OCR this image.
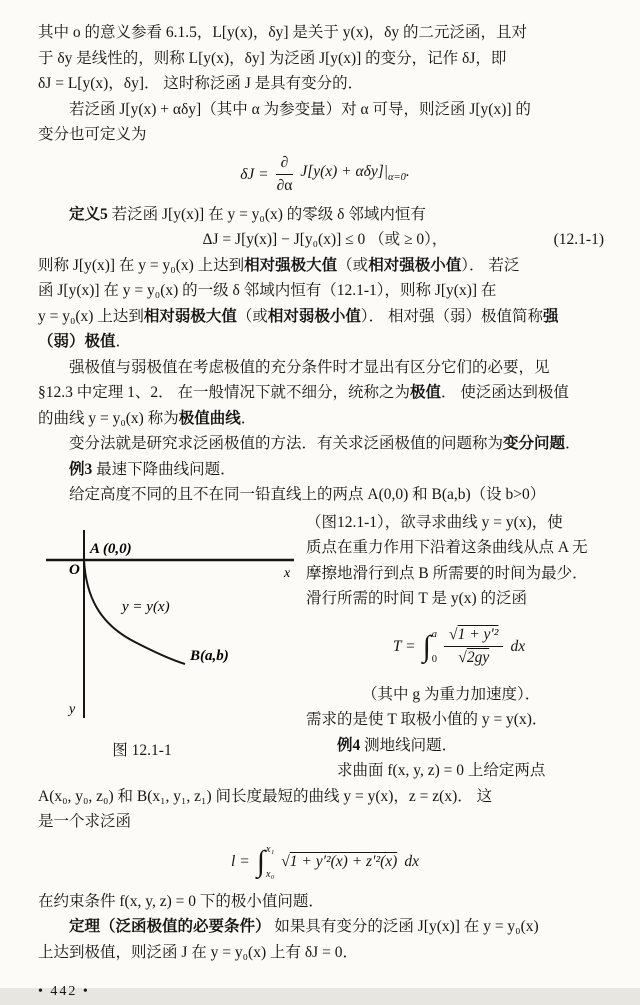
其中 o 的意义参看 6.1.5，L[y(x)，δy] 是关于 y(x)，δy 的二元泛函，且对
于 δy 是线性的，则称 L[y(x)，δy] 为泛函 J[y(x)] 的变分，记作 δJ，即
δJ = L[y(x)，δy]． 这时称泛函 J 是具有变分的．
若泛函 J[y(x) + αδy]（其中 α 为参变量）对 α 可导，则泛函 J[y(x)] 的
变分也可定义为
$\delta J = \frac{\partial}{\partial\alpha} J[y(x) + \alpha\delta y]|_{\alpha=0}$.
定义5 若泛函 J[y(x)] 在 y = y₀(x) 的零级 δ 邻域内恒有
ΔJ = J[y(x)] − J[y₀(x)] ≤ 0 （或 ≥ 0），	(12.1-1)
则称 J[y(x)] 在 y = y₀(x) 上达到相对强极大值（或相对强极小值）． 若泛
函 J[y(x)] 在 y = y₀(x) 的一级 δ 邻域内恒有（12.1-1），则称 J[y(x)] 在
y = y₀(x) 上达到相对弱极大值（或相对弱极小值）． 相对强（弱）极值简称强
（弱）极值．
强极值与弱极值在考虑极值的充分条件时才显出有区分它们的必要，见
§12.3 中定理 1、2． 在一般情况下就不细分，统称之为极值． 使泛函达到极值
的曲线 y = y₀(x) 称为极值曲线．
变分法就是研究求泛函极值的方法．有关求泛函极值的问题称为变分问题．
例3 最速下降曲线问题．
给定高度不同的且不在同一铅直线上的两点 A(0,0) 和 B(a,b)（设 b>0）
A (0,0)
O	x
y
y = y(x)
B(a,b)
图 12.1-1
（图12.1-1），欲寻求曲线 y = y(x)，使
质点在重力作用下沿着这条曲线从点 A 无
摩擦地滑行到点 B 所需要的时间为最少．
滑行所需的时间 T 是 y(x) 的泛函
T = ∫ a
$0 \frac{\text{√1 + y′²}}{√2gy}$ dx
（其中 g 为重力加速度）．
需求的是使 T 取极小值的 y = y(x)．
例4 测地线问题．
求曲面 f(x, y, z) = 0 上给定两点
A(x₀, y₀, z₀) 和 B(x₁, y₁, z₁) 间长度最短的曲线 y = y(x)，z = z(x)． 这
是一个求泛函
l = ∫ x₁
x₀
√1 + y′²(x) + z′²(x) dx
在约束条件 f(x, y, z) = 0 下的极小值问题．
定理（泛函极值的必要条件） 如果具有变分的泛函 J[y(x)] 在 y = y₀(x)
上达到极值，则泛函 J 在 y = y₀(x) 上有 δJ = 0．
• 442 •
